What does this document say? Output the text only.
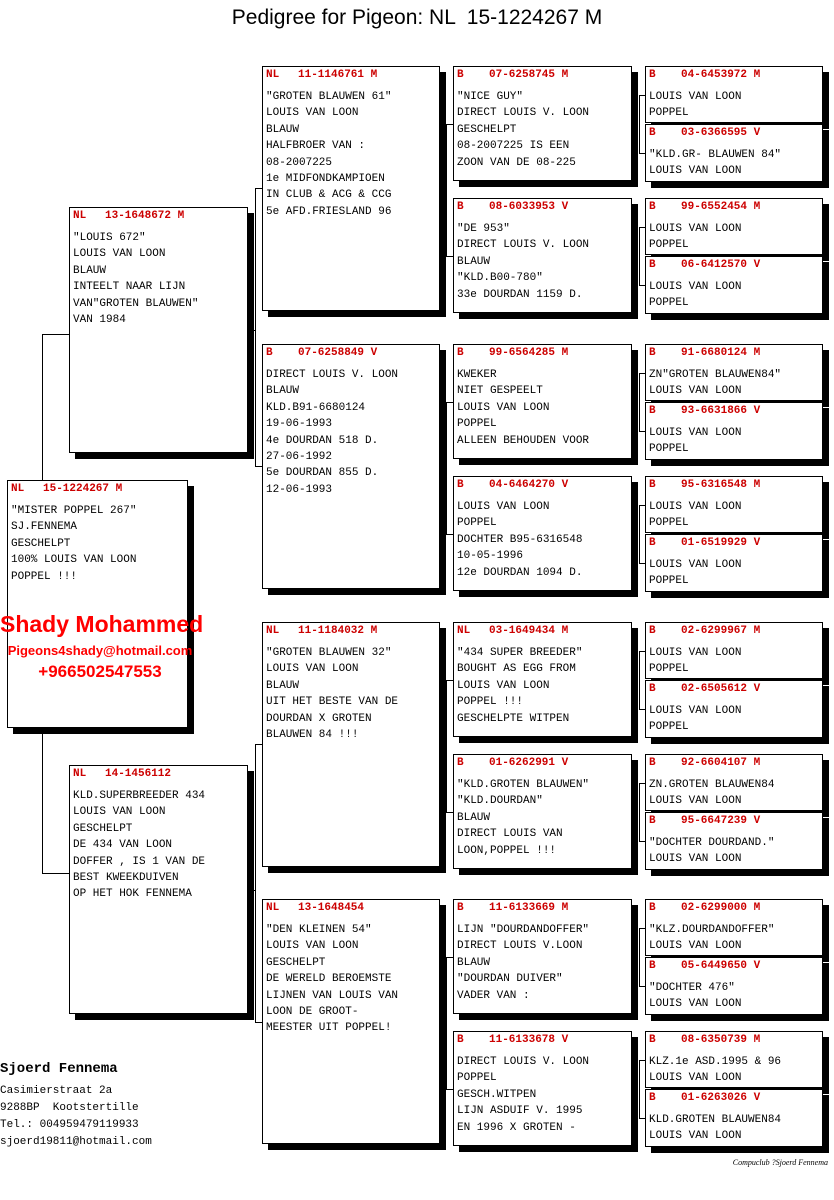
Pedigree for Pigeon: NL  15-1224267 M
NL	15-1224267 M
"MISTER POPPEL 267"
SJ.FENNEMA
GESCHELPT
100% LOUIS VAN LOON
POPPEL !!!
NL	13-1648672 M
"LOUIS 672"
LOUIS VAN LOON
BLAUW
INTEELT NAAR LIJN
VAN"GROTEN BLAUWEN"
VAN 1984
NL	14-1456112
KLD.SUPERBREEDER 434
LOUIS VAN LOON
GESCHELPT
DE 434 VAN LOON
DOFFER , IS 1 VAN DE
BEST KWEEKDUIVEN
OP HET HOK FENNEMA
NL	11-1146761 M
"GROTEN BLAUWEN 61"
LOUIS VAN LOON
BLAUW
HALFBROER VAN :
08-2007225
1e MIDFONDKAMPIOEN
IN CLUB & ACG & CCG
5e AFD.FRIESLAND 96
B	07-6258849 V
DIRECT LOUIS V. LOON
BLAUW
KLD.B91-6680124
19-06-1993
4e DOURDAN 518 D.
27-06-1992
5e DOURDAN 855 D.
12-06-1993
NL	11-1184032 M
"GROTEN BLAUWEN 32"
LOUIS VAN LOON
BLAUW
UIT HET BESTE VAN DE
DOURDAN X GROTEN
BLAUWEN 84 !!!
NL	13-1648454
"DEN KLEINEN 54"
LOUIS VAN LOON
GESCHELPT
DE WERELD BEROEMSTE
LIJNEN VAN LOUIS VAN
LOON DE GROOT-
MEESTER UIT POPPEL!
B	07-6258745 M
"NICE GUY"
DIRECT LOUIS V. LOON
GESCHELPT
08-2007225 IS EEN
ZOON VAN DE 08-225
B	08-6033953 V
"DE 953"
DIRECT LOUIS V. LOON
BLAUW
"KLD.B00-780"
33e DOURDAN 1159 D.
B	99-6564285 M
KWEKER
NIET GESPEELT
LOUIS VAN LOON
POPPEL
ALLEEN BEHOUDEN VOOR
B	04-6464270 V
LOUIS VAN LOON
POPPEL
DOCHTER B95-6316548
10-05-1996
12e DOURDAN 1094 D.
NL	03-1649434 M
"434 SUPER BREEDER"
BOUGHT AS EGG FROM
LOUIS VAN LOON
POPPEL !!!
GESCHELPTE WITPEN
B	01-6262991 V
"KLD.GROTEN BLAUWEN"
"KLD.DOURDAN"
BLAUW
DIRECT LOUIS VAN
LOON,POPPEL !!!
B	11-6133669 M
LIJN "DOURDANDOFFER"
DIRECT LOUIS V.LOON
BLAUW
"DOURDAN DUIVER"
VADER VAN :
B	11-6133678 V
DIRECT LOUIS V. LOON
POPPEL
GESCH.WITPEN
LIJN ASDUIF V. 1995
EN 1996 X GROTEN -
B	04-6453972 M
LOUIS VAN LOON
POPPEL
B	03-6366595 V
"KLD.GR- BLAUWEN 84"
LOUIS VAN LOON
B	99-6552454 M
LOUIS VAN LOON
POPPEL
B	06-6412570 V
LOUIS VAN LOON
POPPEL
B	91-6680124 M
ZN"GROTEN BLAUWEN84"
LOUIS VAN LOON
B	93-6631866 V
LOUIS VAN LOON
POPPEL
B	95-6316548 M
LOUIS VAN LOON
POPPEL
B	01-6519929 V
LOUIS VAN LOON
POPPEL
B	02-6299967 M
LOUIS VAN LOON
POPPEL
B	02-6505612 V
LOUIS VAN LOON
POPPEL
B	92-6604107 M
ZN.GROTEN BLAUWEN84
LOUIS VAN LOON
B	95-6647239 V
"DOCHTER DOURDAND."
LOUIS VAN LOON
B	02-6299000 M
"KLZ.DOURDANDOFFER"
LOUIS VAN LOON
B	05-6449650 V
"DOCHTER 476"
LOUIS VAN LOON
B	08-6350739 M
KLZ.1e ASD.1995 & 96
LOUIS VAN LOON
B	01-6263026 V
KLD.GROTEN BLAUWEN84
LOUIS VAN LOON
Shady Mohammed
Pigeons4shady@hotmail.com
+966502547553
Sjoerd Fennema
Casimierstraat 2a
9288BP  Kootstertille
Tel.: 004959479119933
sjoerd19811@hotmail.com
Compuclub ?Sjoerd Fennema
